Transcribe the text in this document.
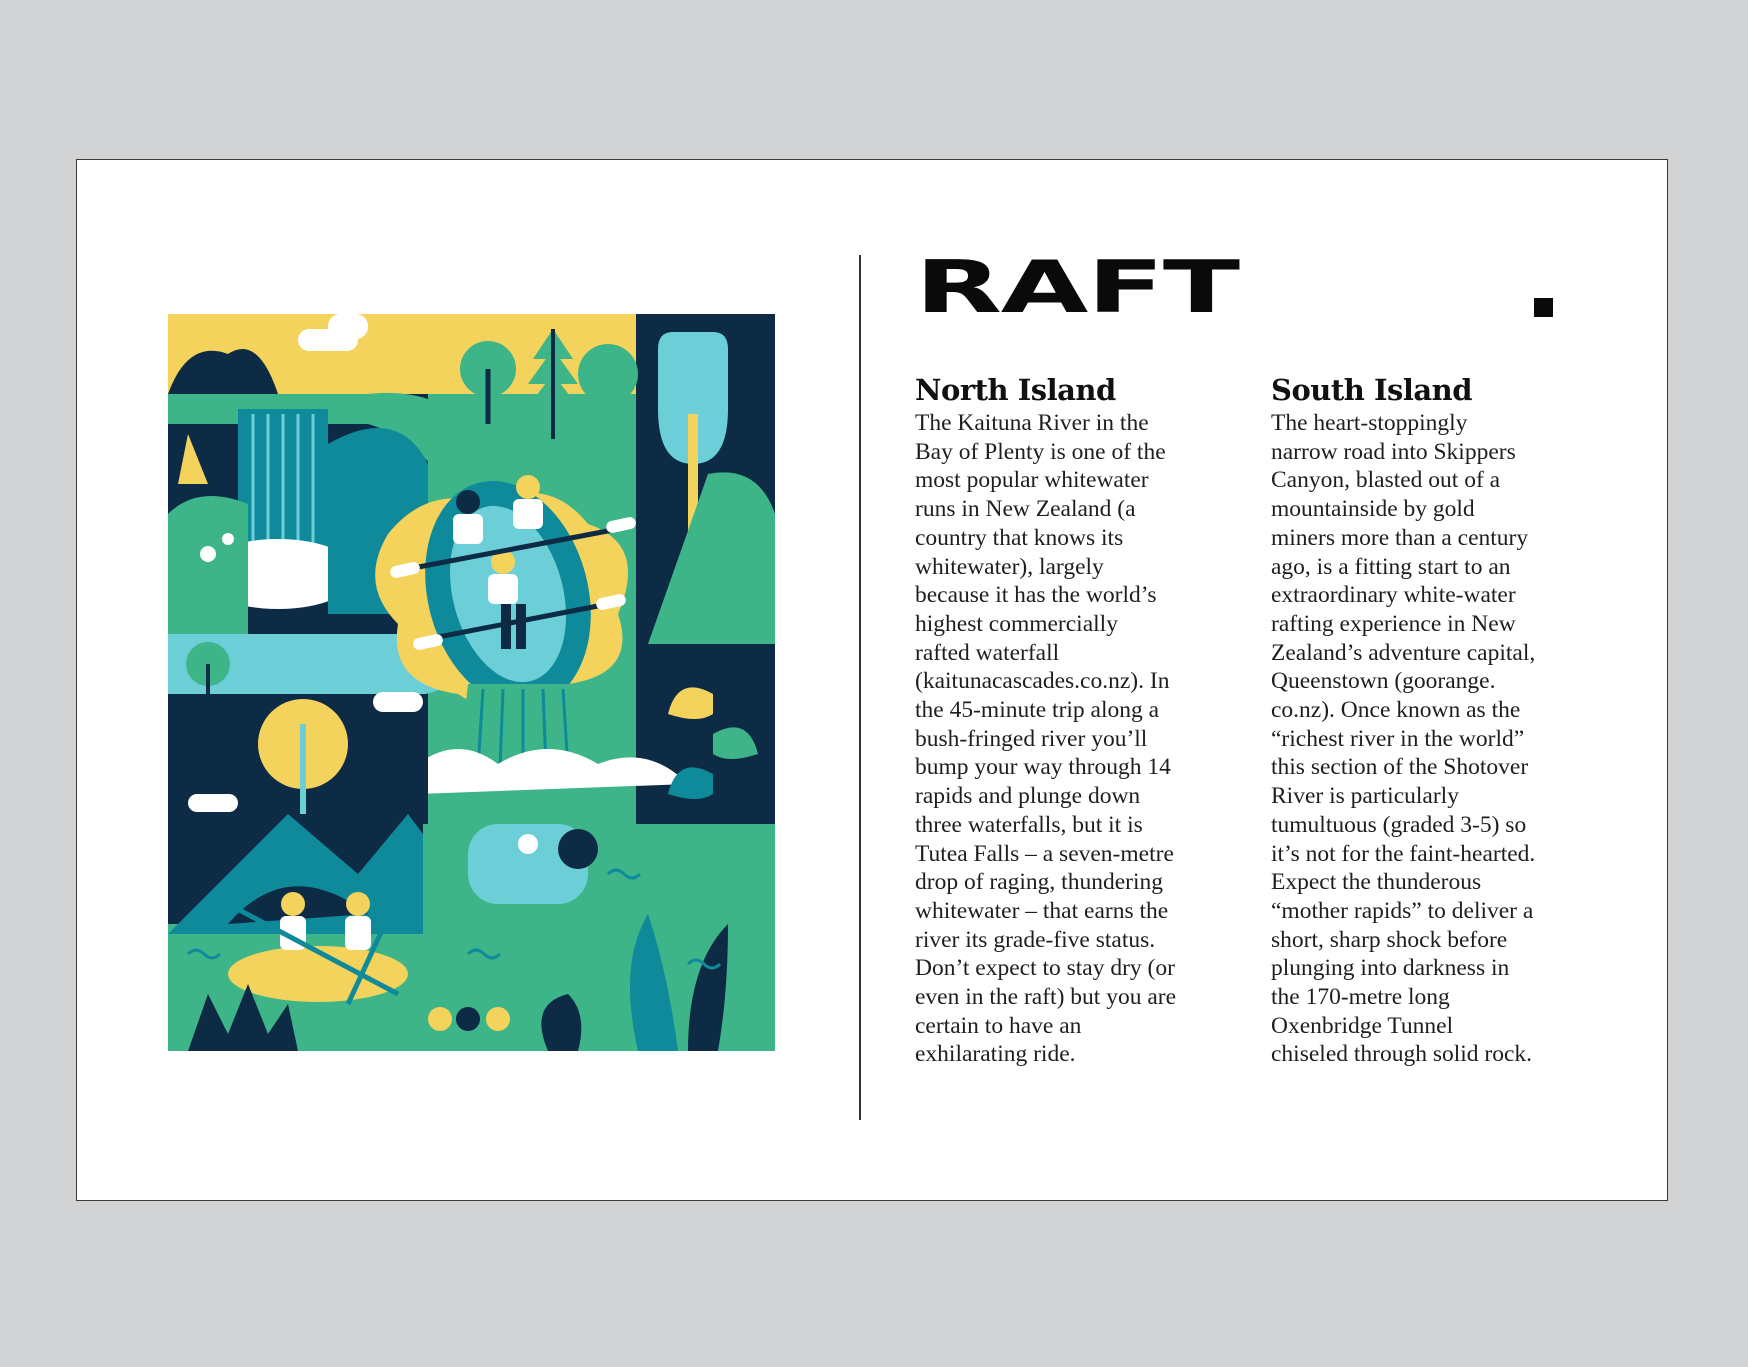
RAFT
North Island

The Kaituna River in the
Bay of Plenty is one of the
most popular whitewater
runs in New Zealand (a
country that knows its
whitewater), largely
because it has the world’s
highest commercially
rafted waterfall
(kaitunacascades.co.nz). In
the 45-minute trip along a
bush-fringed river you’ll
bump your way through 14
rapids and plunge down
three waterfalls, but it is
Tutea Falls – a seven-metre
drop of raging, thundering
whitewater – that earns the
river its grade-five status.
Don’t expect to stay dry (or
even in the raft) but you are
certain to have an
exhilarating ride.

South Island

The heart-stoppingly
narrow road into Skippers
Canyon, blasted out of a
mountainside by gold
miners more than a century
ago, is a fitting start to an
extraordinary white-water
rafting experience in New
Zealand’s adventure capital,
Queenstown (goorange.
co.nz). Once known as the
“richest river in the world”
this section of the Shotover
River is particularly
tumultuous (graded 3-5) so
it’s not for the faint-hearted.
Expect the thunderous
“mother rapids” to deliver a
short, sharp shock before
plunging into darkness in
the 170-metre long
Oxenbridge Tunnel
chiseled through solid rock.
